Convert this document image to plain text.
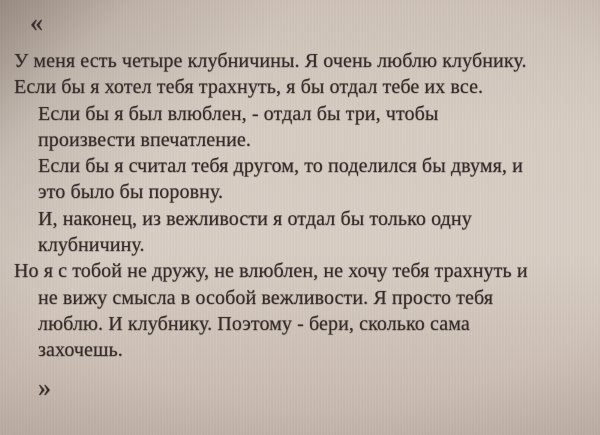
«
У меня есть четыре клубничины. Я очень люблю клубнику.
Если бы я хотел тебя трахнуть, я бы отдал тебе их все.
Если бы я был влюблен, - отдал бы три, чтобы
произвести впечатление.
Если бы я считал тебя другом, то поделился бы двумя, и
это было бы поровну.
И, наконец, из вежливости я отдал бы только одну
клубничину.
Но я с тобой не дружу, не влюблен, не хочу тебя трахнуть и
не вижу смысла в особой вежливости. Я просто тебя
люблю. И клубнику. Поэтому - бери, сколько сама
захочешь.
»
